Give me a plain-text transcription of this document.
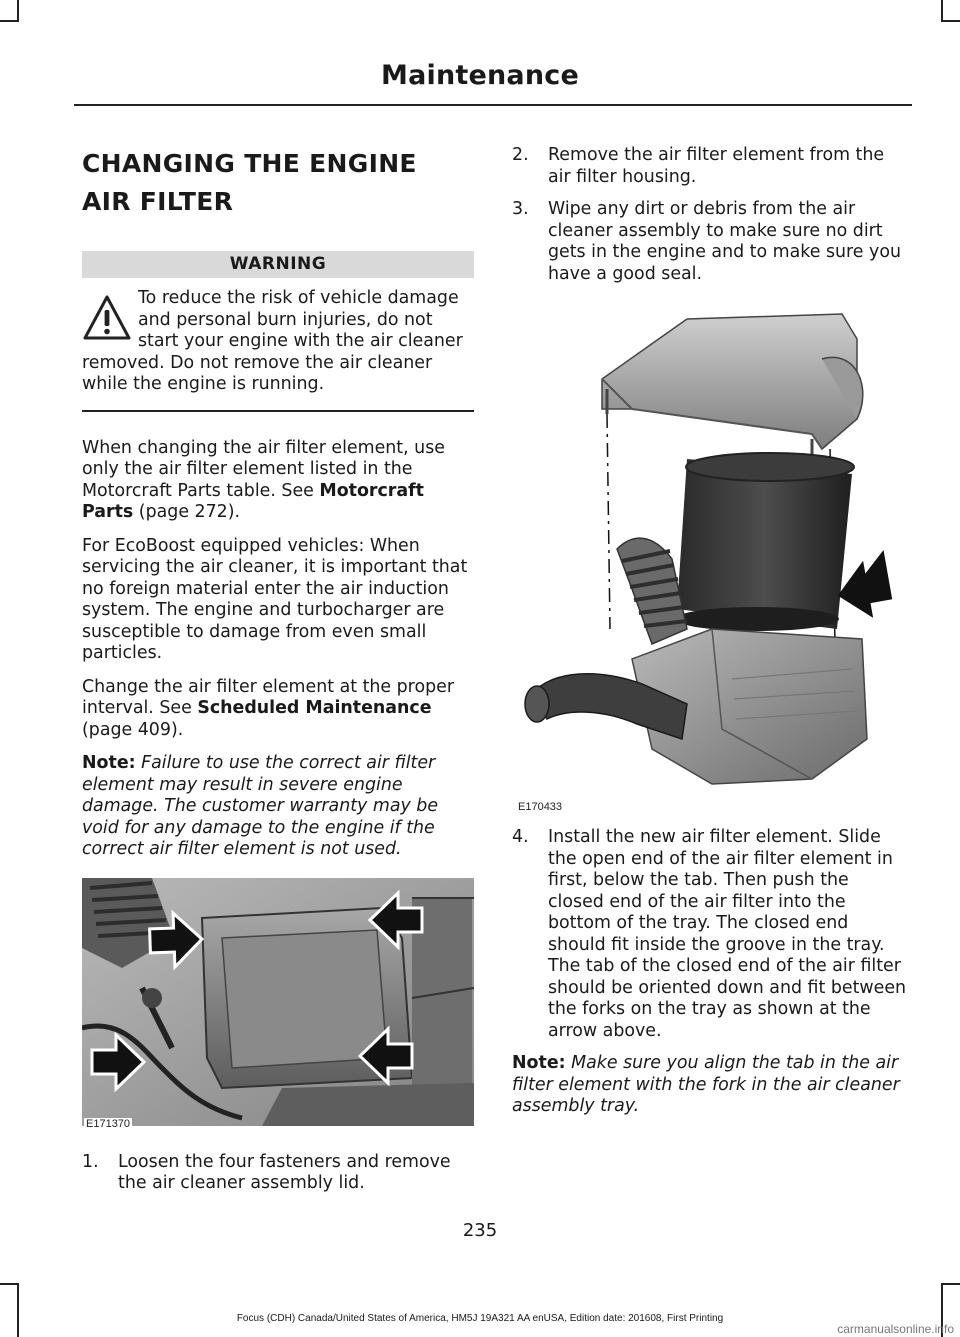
Maintenance
CHANGING THE ENGINE AIR FILTER
WARNING
To reduce the risk of vehicle damage and personal burn injuries, do not start your engine with the air cleaner removed. Do not remove the air cleaner while the engine is running.

When changing the air filter element, use only the air filter element listed in the Motorcraft Parts table. See Motorcraft Parts (page 272).

For EcoBoost equipped vehicles: When servicing the air cleaner, it is important that no foreign material enter the air induction system. The engine and turbocharger are susceptible to damage from even small particles.

Change the air filter element at the proper interval. See Scheduled Maintenance (page 409).

Note: Failure to use the correct air filter element may result in severe engine damage. The customer warranty may be void for any damage to the engine if the correct air filter element is not used.

E171370
1. Loosen the four fasteners and remove the air cleaner assembly lid.
2. Remove the air filter element from the air filter housing.
3. Wipe any dirt or debris from the air cleaner assembly to make sure no dirt gets in the engine and to make sure you have a good seal.
E170433
4. Install the new air filter element. Slide the open end of the air filter element in first, below the tab. Then push the closed end of the air filter into the bottom of the tray. The closed end should fit inside the groove in the tray. The tab of the closed end of the air filter should be oriented down and fit between the forks on the tray as shown at the arrow above.

Note: Make sure you align the tab in the air filter element with the fork in the air cleaner assembly tray.

235
Focus (CDH) Canada/United States of America, HM5J 19A321 AA enUSA, Edition date: 201608, First Printing
carmanualsonline.info
